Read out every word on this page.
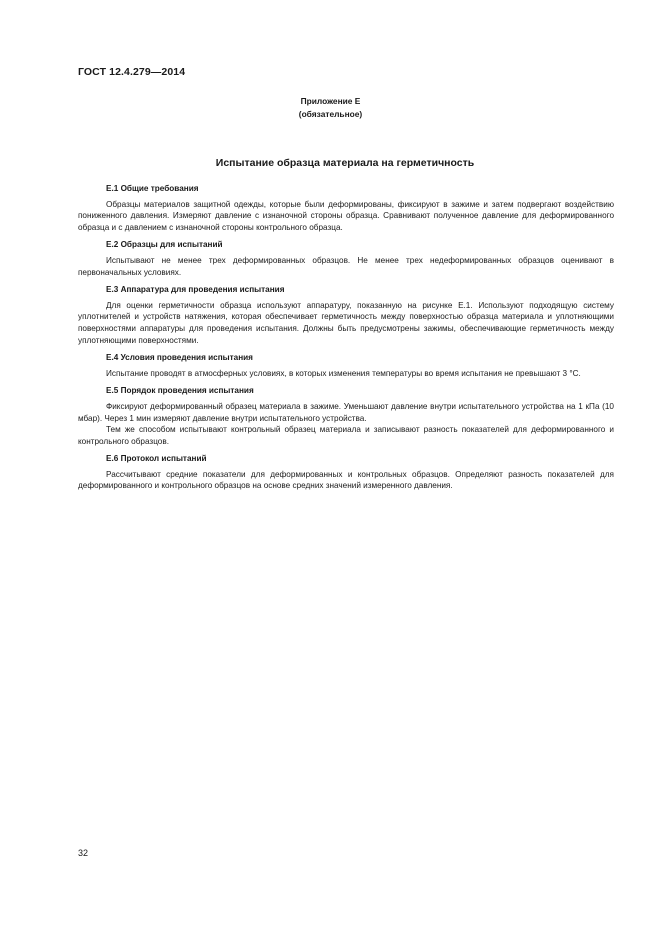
ГОСТ 12.4.279—2014
Приложение Е
(обязательное)
Испытание образца материала на герметичность
Е.1 Общие требования

Образцы материалов защитной одежды, которые были деформированы, фиксируют в зажиме и затем подвергают воздействию пониженного давления. Измеряют давление с изнаночной стороны образца. Сравнивают полученное давление для деформированного образца и с давлением с изнаночной стороны контрольного образца.

Е.2 Образцы для испытаний

Испытывают не менее трех деформированных образцов. Не менее трех недеформированных образцов оценивают в первоначальных условиях.

Е.3 Аппаратура для проведения испытания

Для оценки герметичности образца используют аппаратуру, показанную на рисунке Е.1. Используют подходящую систему уплотнителей и устройств натяжения, которая обеспечивает герметичность между поверхностью образца материала и уплотняющими поверхностями аппаратуры для проведения испытания. Должны быть предусмотрены зажимы, обеспечивающие герметичность между уплотняющими поверхностями.

Е.4 Условия проведения испытания

Испытание проводят в атмосферных условиях, в которых изменения температуры во время испытания не превышают 3 °С.

Е.5 Порядок проведения испытания

Фиксируют деформированный образец материала в зажиме. Уменьшают давление внутри испытательного устройства на 1 кПа (10 мбар). Через 1 мин измеряют давление внутри испытательного устройства.

Тем же способом испытывают контрольный образец материала и записывают разность показателей для деформированного и контрольного образцов.

Е.6 Протокол испытаний

Рассчитывают средние показатели для деформированных и контрольных образцов. Определяют разность показателей для деформированного и контрольного образцов на основе средних значений измеренного давления.

32
